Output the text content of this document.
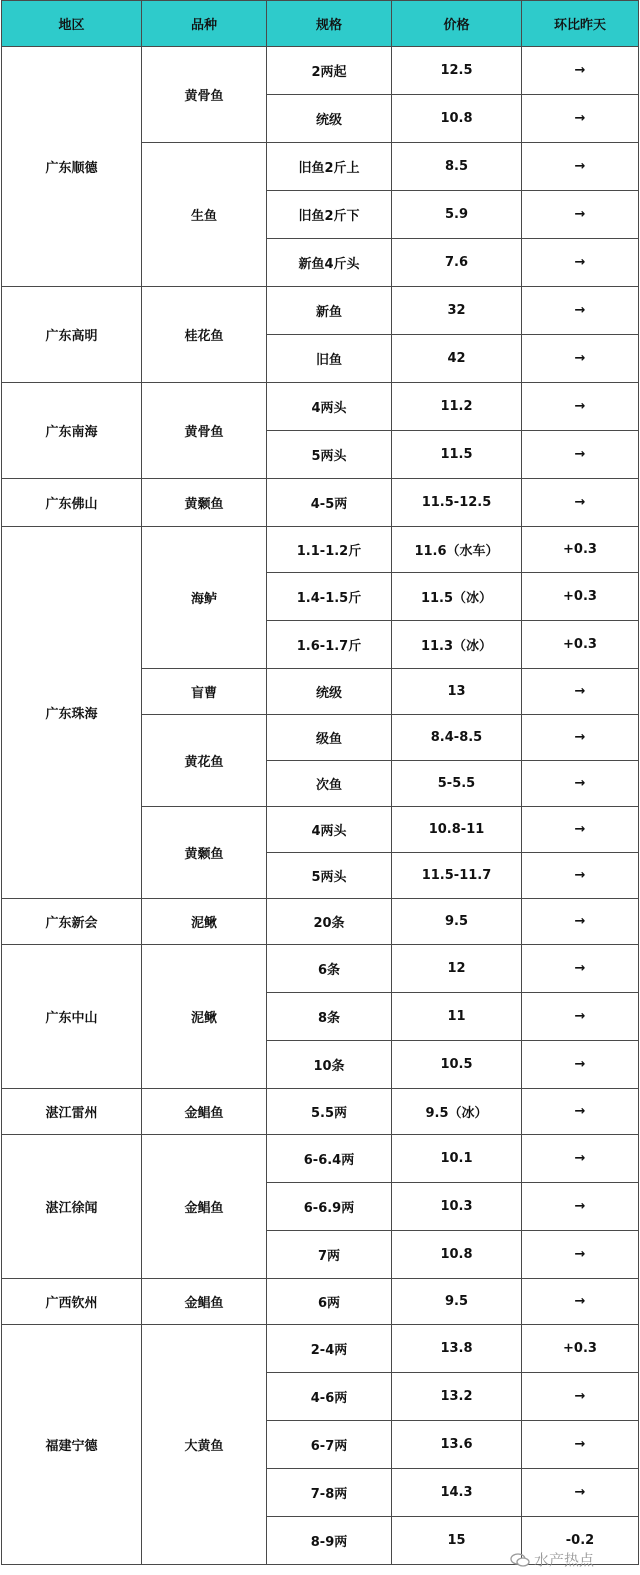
地区	品种	规格	价格	环比昨天
广东顺德	黄骨鱼	2两起	12.5	→
		统级	10.8	→
	生鱼	旧鱼2斤上	8.5	→
		旧鱼2斤下	5.9	→
		新鱼4斤头	7.6	→
广东高明	桂花鱼	新鱼	32	→
		旧鱼	42	→
广东南海	黄骨鱼	4两头	11.2	→
		5两头	11.5	→
广东佛山	黄颡鱼	4-5两	11.5-12.5	→
广东珠海	海鲈	1.1-1.2斤	11.6（水车）	+0.3
		1.4-1.5斤	11.5（冰）	+0.3
		1.6-1.7斤	11.3（冰）	+0.3
	盲曹	统级	13	→
	黄花鱼	级鱼	8.4-8.5	→
		次鱼	5-5.5	→
	黄颡鱼	4两头	10.8-11	→
		5两头	11.5-11.7	→
广东新会	泥鳅	20条	9.5	→
广东中山	泥鳅	6条	12	→
		8条	11	→
		10条	10.5	→
湛江雷州	金鲳鱼	5.5两	9.5（冰）	→
湛江徐闻	金鲳鱼	6-6.4两	10.1	→
		6-6.9两	10.3	→
		7两	10.8	→
广西钦州	金鲳鱼	6两	9.5	→
福建宁德	大黄鱼	2-4两	13.8	+0.3
		4-6两	13.2	→
		6-7两	13.6	→
		7-8两	14.3	→
		8-9两	15	-0.2
水产热点
